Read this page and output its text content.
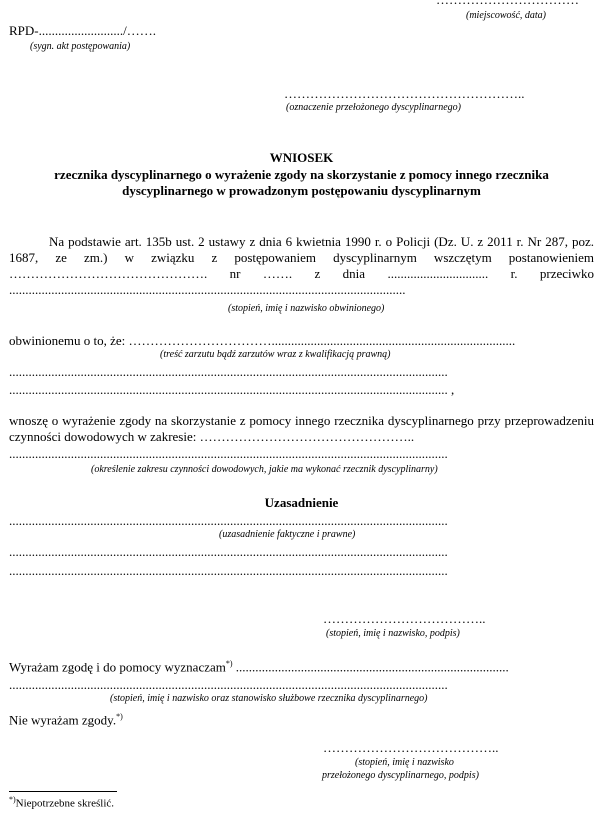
(miejscowość, data)
RPD-........................../…….
(sygn. akt postępowania)
………………………………………………..
(oznaczenie przełożonego dyscyplinarnego)
WNIOSEK
rzecznika dyscyplinarnego o wyrażenie zgody na skorzystanie z pomocy innego rzecznika
dyscyplinarnego w prowadzonym postępowaniu dyscyplinarnym
Na podstawie art. 135b ust. 2 ustawy z dnia 6 kwietnia 1990 r. o Policji (Dz. U. z 2011 r. Nr 287, poz. 1687, ze zm.) w związku z postępowaniem dyscyplinarnym wszczętym postanowieniem ………………………………………. nr ……. z dnia ............................... r. przeciwko ..........................................................................................................................
(stopień, imię i nazwisko obwinionego)
obwinionemu o to, że: ……………………………...........................................................................
(treść zarzutu bądź zarzutów wraz z kwalifikacją prawną)
.......................................................................................................................................
....................................................................................................................................... ,
wnoszę o wyrażenie zgody na skorzystanie z pomocy innego rzecznika dyscyplinarnego przy przeprowadzeniu czynności dowodowych w zakresie: …………………………………………..
.......................................................................................................................................
(określenie zakresu czynności dowodowych, jakie ma wykonać rzecznik dyscyplinarny)
Uzasadnienie
.......................................................................................................................................
(uzasadnienie faktyczne i prawne)
.......................................................................................................................................
.......................................................................................................................................
………………………………..
(stopień, imię i nazwisko, podpis)
Wyrażam zgodę i do pomocy wyznaczam*) ....................................................................................
.......................................................................................................................................
(stopień, imię i nazwisko oraz stanowisko służbowe rzecznika dyscyplinarnego)
Nie wyrażam zgody.*)
…………………………………..
(stopień, imię i nazwisko
przełożonego dyscyplinarnego, podpis)
*)Niepotrzebne skreślić.
